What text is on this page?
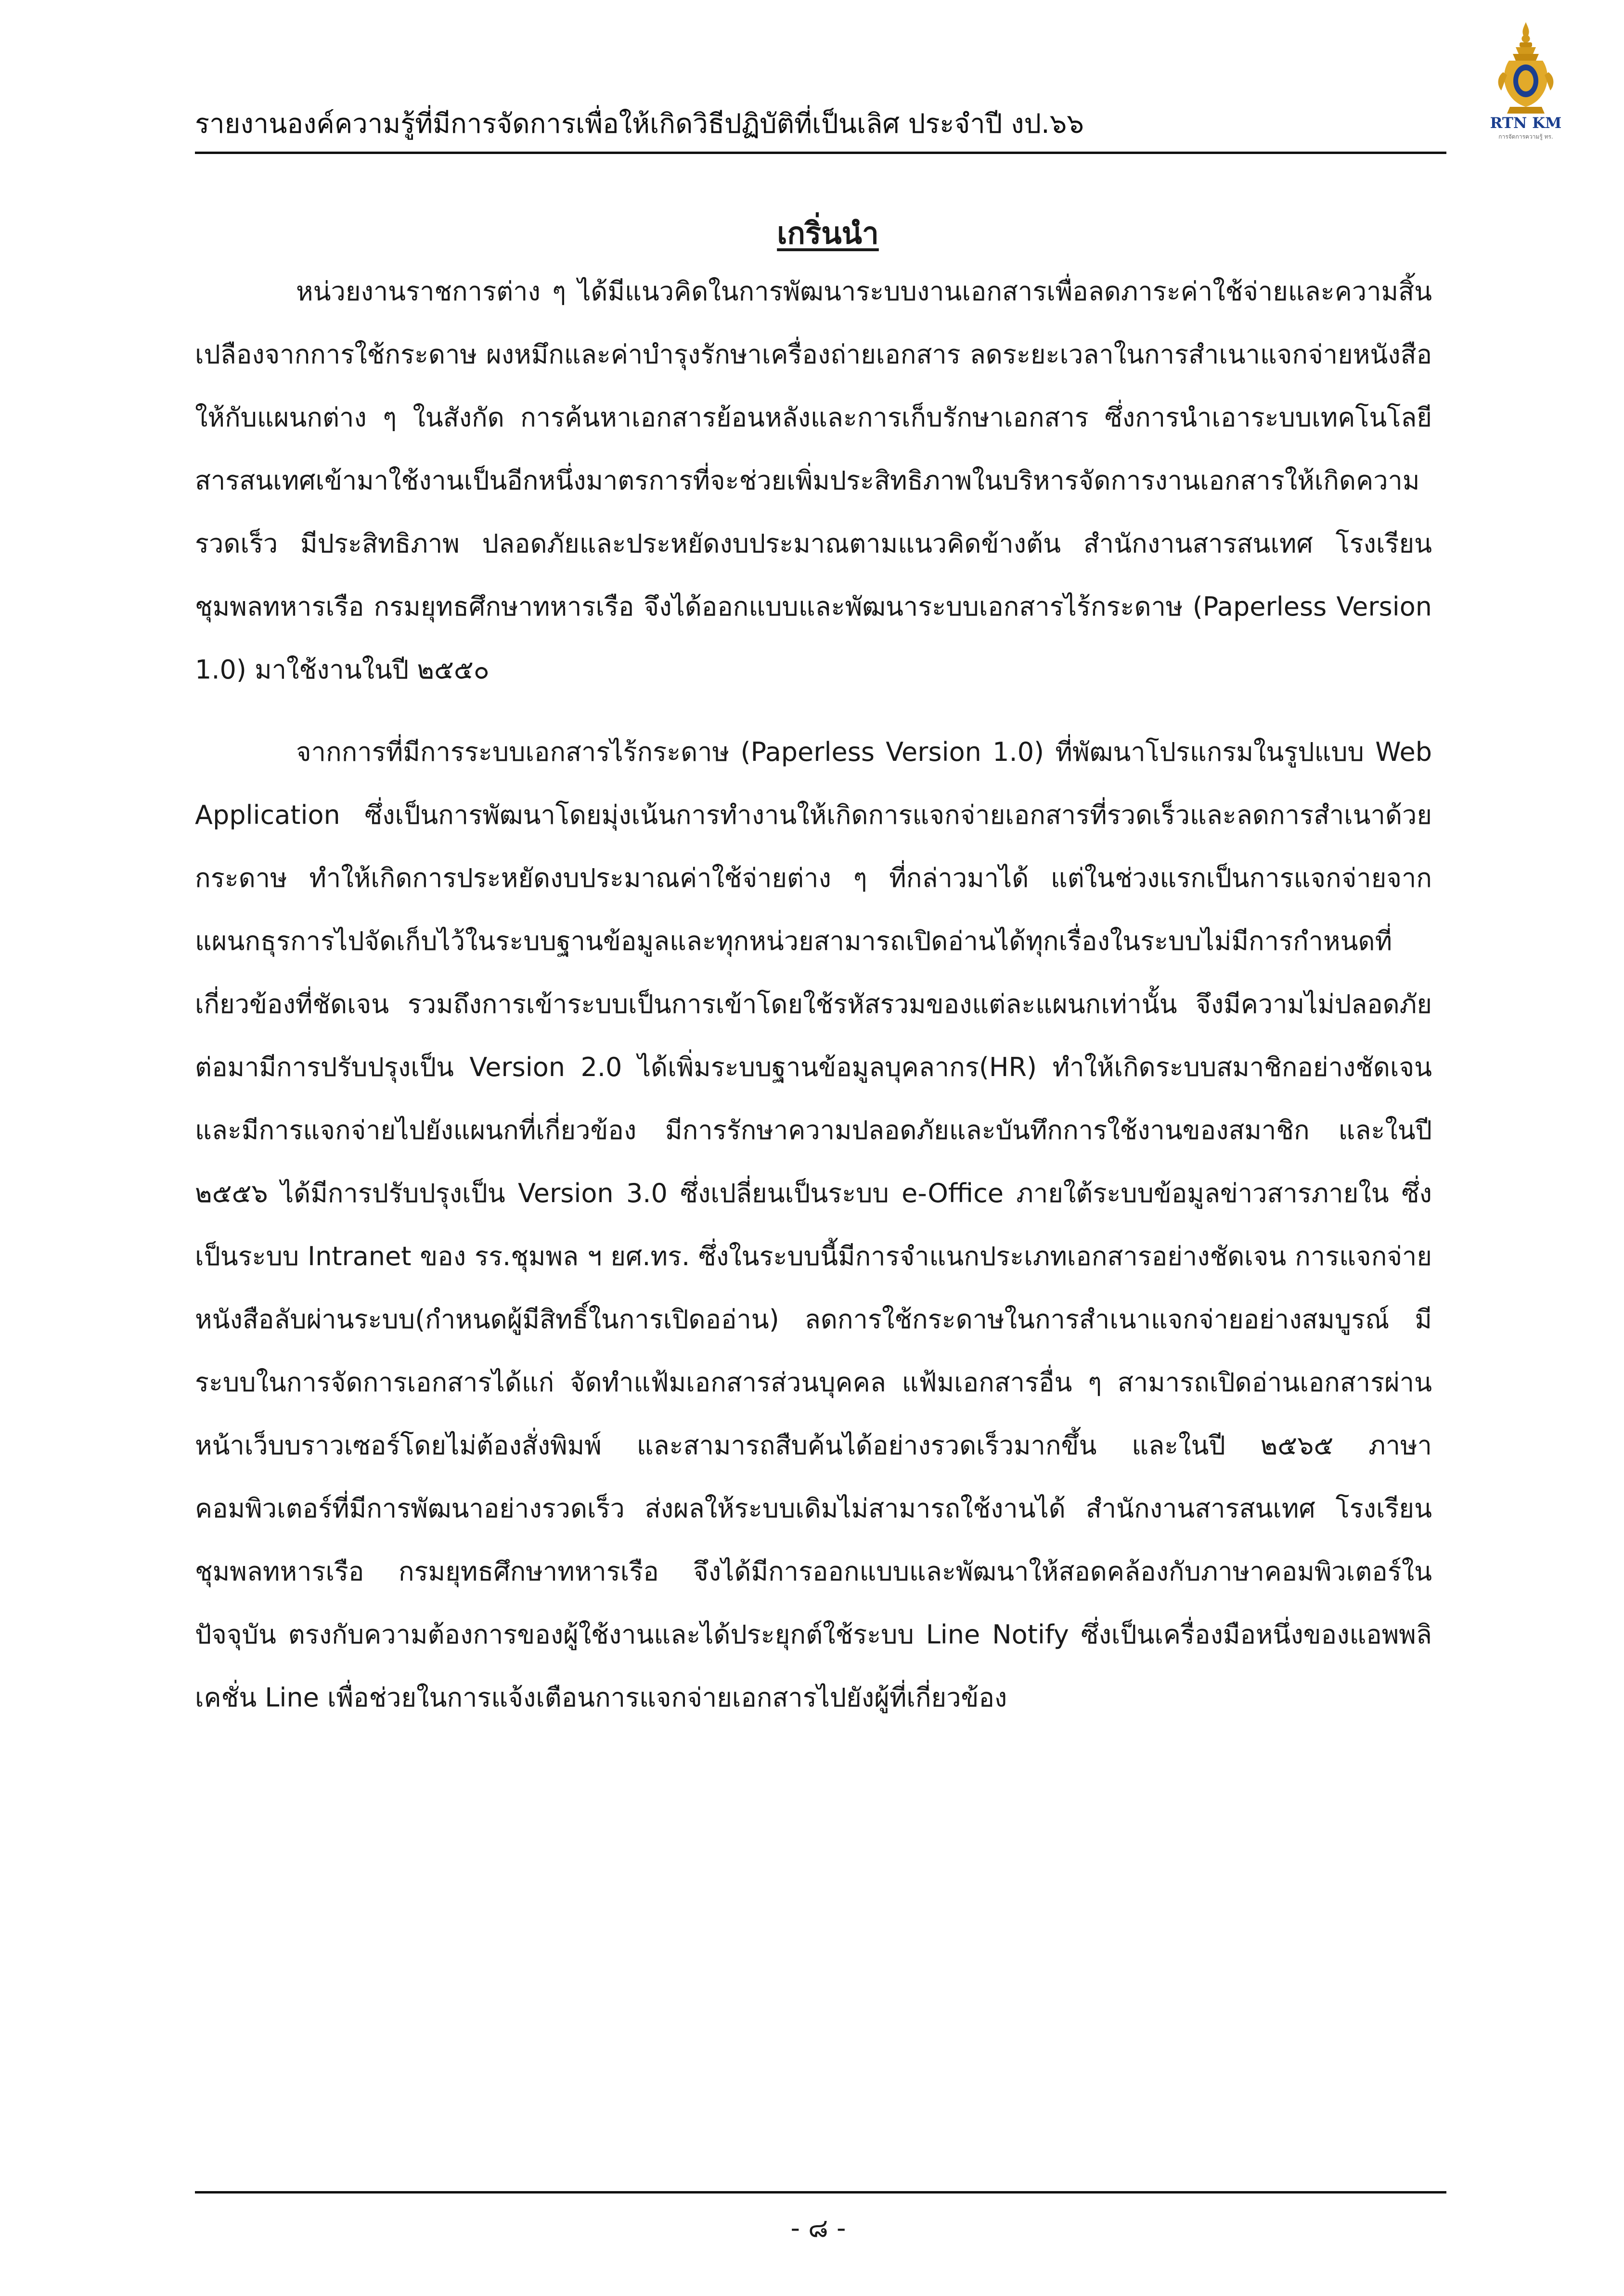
รายงานองค์ความรู้ที่มีการจัดการเพื่อให้เกิดวิธีปฏิบัติที่เป็นเลิศ ประจำปี งป.๖๖	RTN KM
การจัดการความรู้ ทร.
เกริ่นนำ

หน่วยงานราชการต่าง ๆ ได้มีแนวคิดในการพัฒนาระบบงานเอกสารเพื่อลดภาระค่าใช้จ่ายและความสิ้นเปลืองจากการใช้กระดาษ ผงหมึกและค่าบำรุงรักษาเครื่องถ่ายเอกสาร ลดระยะเวลาในการสำเนาแจกจ่ายหนังสือให้กับแผนกต่าง ๆ ในสังกัด การค้นหาเอกสารย้อนหลังและการเก็บรักษาเอกสาร ซึ่งการนำเอาระบบเทคโนโลยีสารสนเทศเข้ามาใช้งานเป็นอีกหนึ่งมาตรการที่จะช่วยเพิ่มประสิทธิภาพในบริหารจัดการงานเอกสารให้เกิดความรวดเร็ว มีประสิทธิภาพ ปลอดภัยและประหยัดงบประมาณตามแนวคิดข้างต้น สำนักงานสารสนเทศ โรงเรียนชุมพลทหารเรือ กรมยุทธศึกษาทหารเรือ จึงได้ออกแบบและพัฒนาระบบเอกสารไร้กระดาษ (Paperless Version 1.0) มาใช้งานในปี ๒๕๕๐

จากการที่มีการระบบเอกสารไร้กระดาษ (Paperless Version 1.0) ที่พัฒนาโปรแกรมในรูปแบบ Web Application ซึ่งเป็นการพัฒนาโดยมุ่งเน้นการทำงานให้เกิดการแจกจ่ายเอกสารที่รวดเร็วและลดการสำเนาด้วยกระดาษ ทำให้เกิดการประหยัดงบประมาณค่าใช้จ่ายต่าง ๆ ที่กล่าวมาได้ แต่ในช่วงแรกเป็นการแจกจ่ายจากแผนกธุรการไปจัดเก็บไว้ในระบบฐานข้อมูลและทุกหน่วยสามารถเปิดอ่านได้ทุกเรื่องในระบบไม่มีการกำหนดที่เกี่ยวข้องที่ชัดเจน รวมถึงการเข้าระบบเป็นการเข้าโดยใช้รหัสรวมของแต่ละแผนกเท่านั้น จึงมีความไม่ปลอดภัย ต่อมามีการปรับปรุงเป็น Version 2.0 ได้เพิ่มระบบฐานข้อมูลบุคลากร(HR) ทำให้เกิดระบบสมาชิกอย่างชัดเจน และมีการแจกจ่ายไปยังแผนกที่เกี่ยวข้อง มีการรักษาความปลอดภัยและบันทึกการใช้งานของสมาชิก และในปี ๒๕๕๖ ได้มีการปรับปรุงเป็น Version 3.0 ซึ่งเปลี่ยนเป็นระบบ e-Office ภายใต้ระบบข้อมูลข่าวสารภายใน ซึ่งเป็นระบบ Intranet ของ รร.ชุมพล ฯ ยศ.ทร. ซึ่งในระบบนี้มีการจำแนกประเภทเอกสารอย่างชัดเจน การแจกจ่ายหนังสือลับผ่านระบบ(กำหนดผู้มีสิทธิ์ในการเปิดออ่าน) ลดการใช้กระดาษในการสำเนาแจกจ่ายอย่างสมบูรณ์ มีระบบในการจัดการเอกสารได้แก่ จัดทำแฟ้มเอกสารส่วนบุคคล แฟ้มเอกสารอื่น ๆ สามารถเปิดอ่านเอกสารผ่านหน้าเว็บบราวเซอร์โดยไม่ต้องสั่งพิมพ์ และสามารถสืบค้นได้อย่างรวดเร็วมากขึ้น และในปี ๒๕๖๕ ภาษาคอมพิวเตอร์ที่มีการพัฒนาอย่างรวดเร็ว ส่งผลให้ระบบเดิมไม่สามารถใช้งานได้ สำนักงานสารสนเทศ โรงเรียนชุมพลทหารเรือ กรมยุทธศึกษาทหารเรือ จึงได้มีการออกแบบและพัฒนาให้สอดคล้องกับภาษาคอมพิวเตอร์ในปัจจุบัน ตรงกับความต้องการของผู้ใช้งานและได้ประยุกต์ใช้ระบบ Line Notify ซึ่งเป็นเครื่องมือหนึ่งของแอพพลิเคชั่น Line เพื่อช่วยในการแจ้งเตือนการแจกจ่ายเอกสารไปยังผู้ที่เกี่ยวข้อง

- ๘ -
